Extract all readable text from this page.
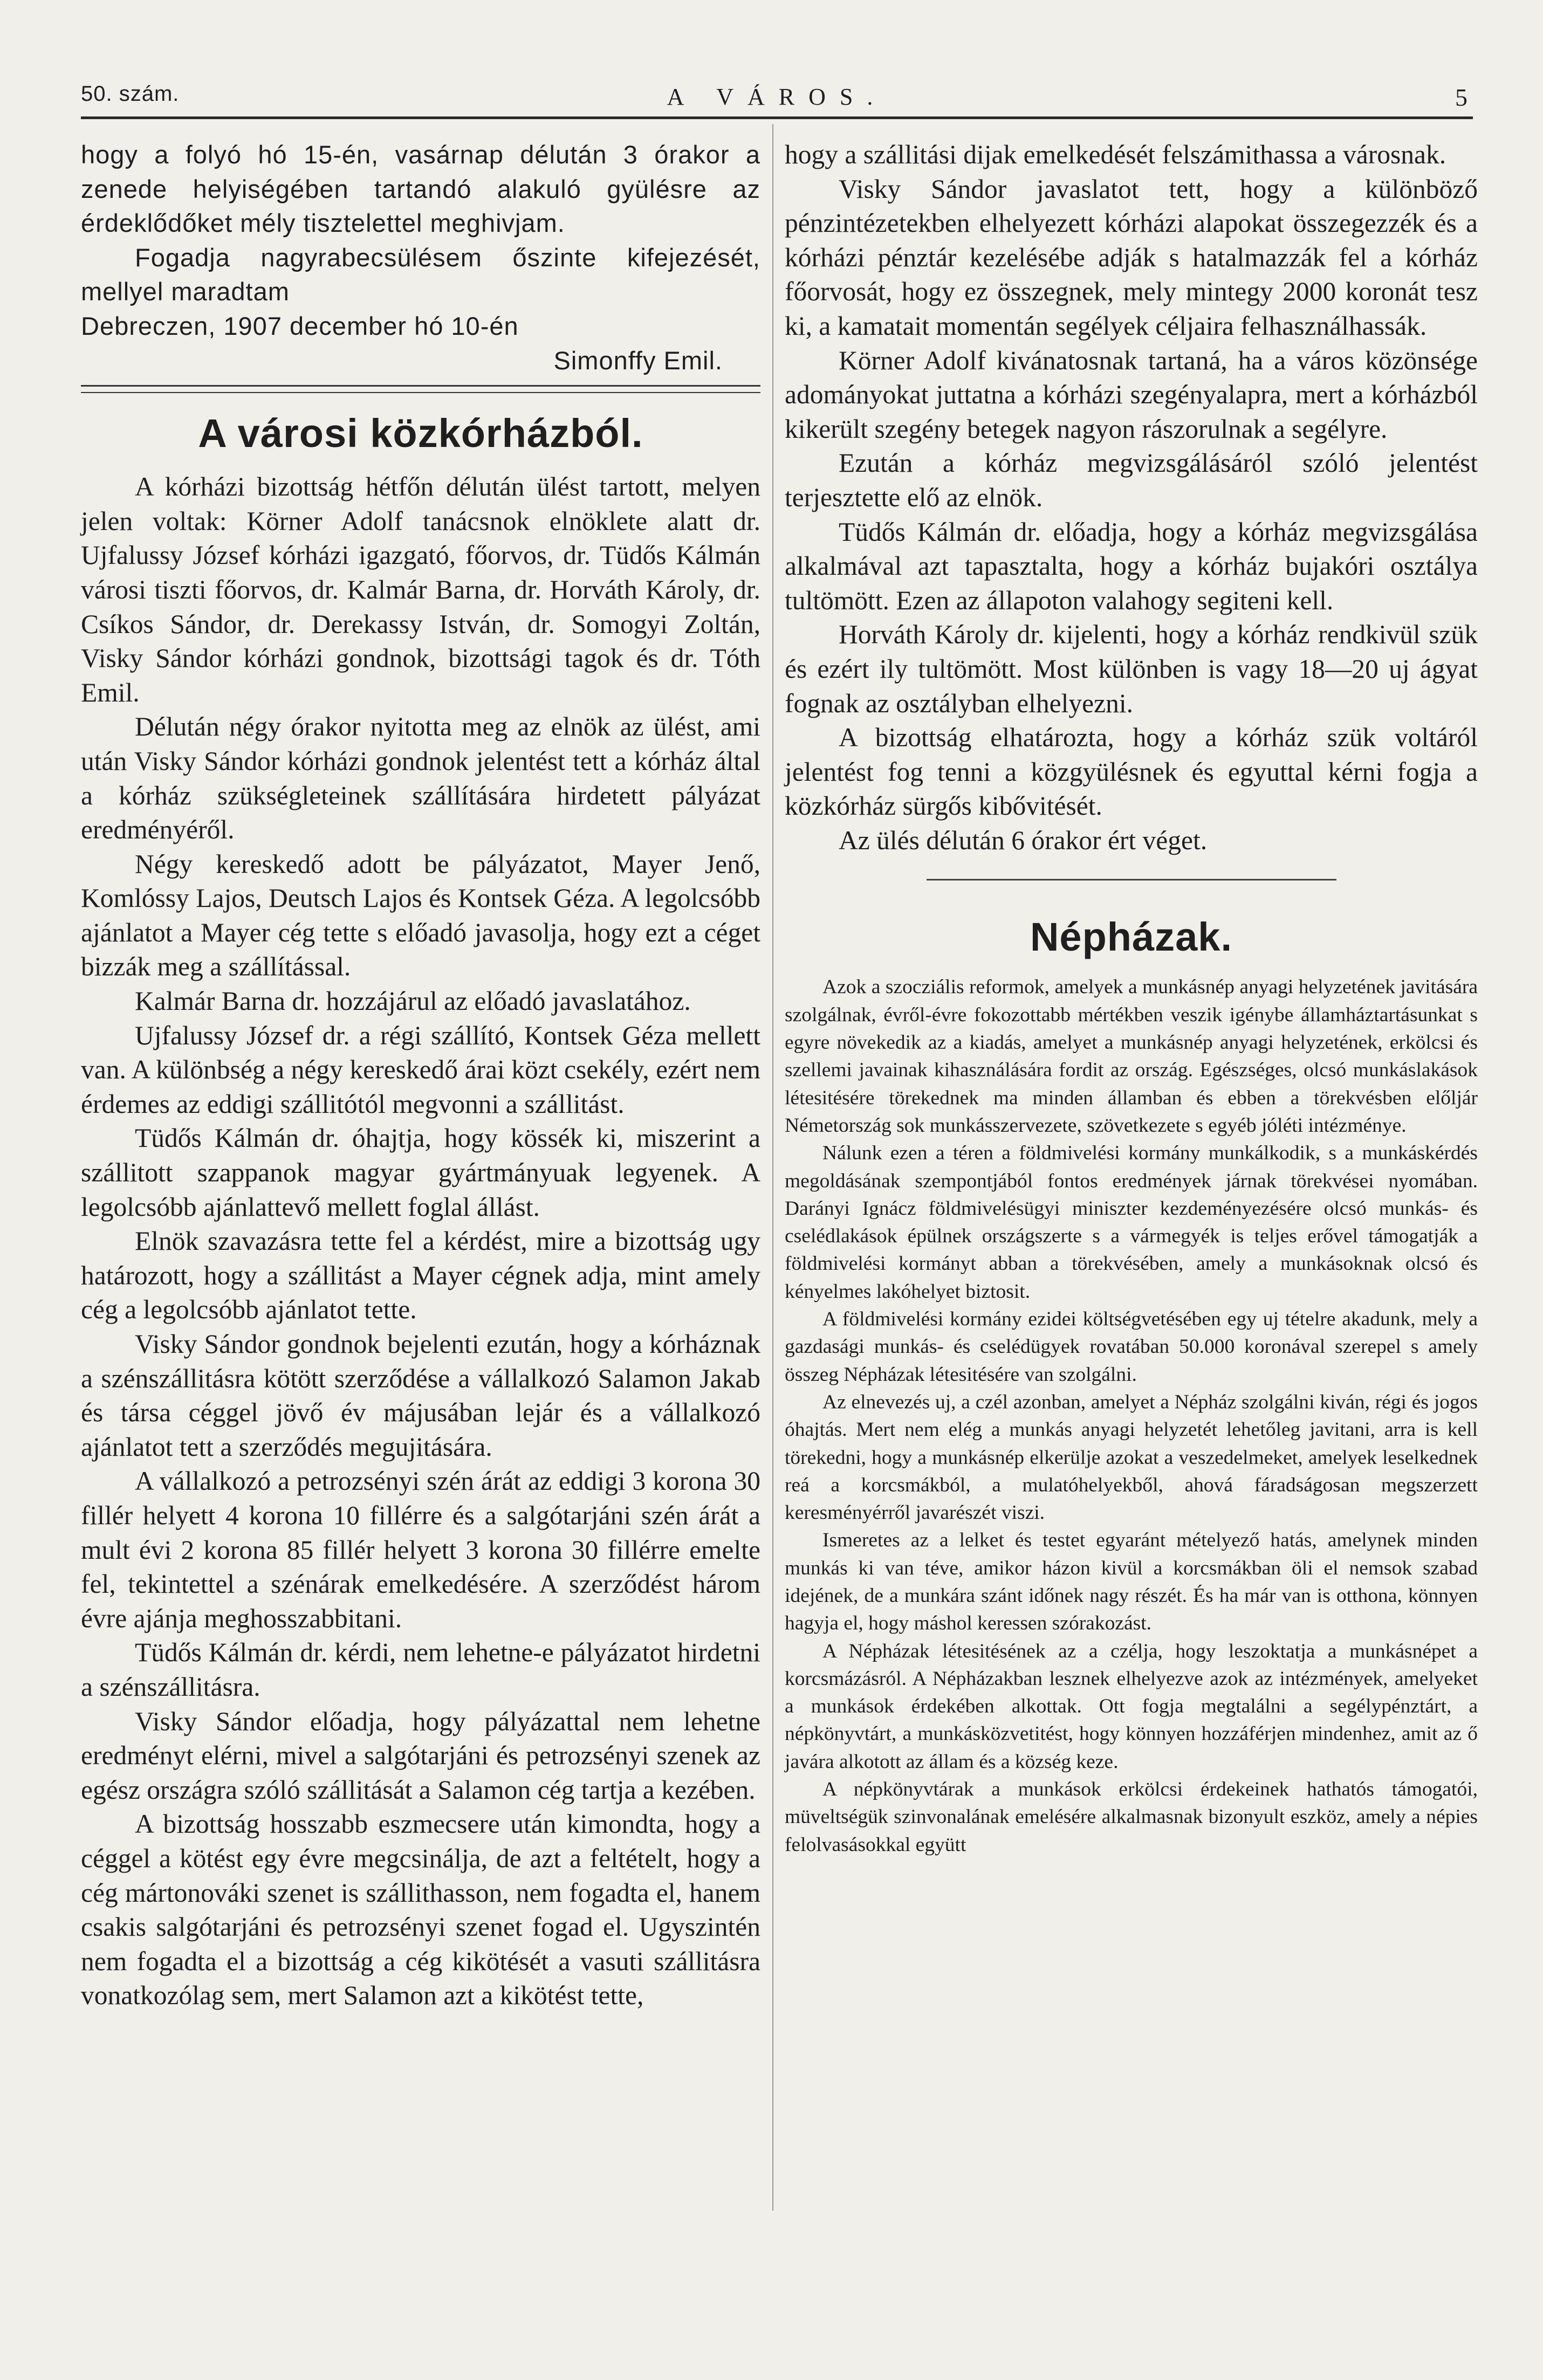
50. szám.	A VÁROS.	5

hogy a folyó hó 15-én, vasárnap délután 3 órakor a zenede helyiségében tartandó alakuló gyülésre az érdeklődőket mély tisztelettel meghivjam.

Fogadja nagyrabecsülésem őszinte kifejezését, mellyel maradtam

Debreczen, 1907 december hó 10-én

Simonffy Emil.

A városi közkórházból.

A kórházi bizottság hétfőn délután ülést tartott, melyen jelen voltak: Körner Adolf tanácsnok elnöklete alatt dr. Ujfalussy József kórházi igazgató, főorvos, dr. Tüdős Kálmán városi tiszti főorvos, dr. Kalmár Barna, dr. Horváth Károly, dr. Csíkos Sándor, dr. Derekassy István, dr. Somogyi Zoltán, Visky Sándor kórházi gondnok, bizottsági tagok és dr. Tóth Emil.

Délután négy órakor nyitotta meg az elnök az ülést, ami után Visky Sándor kórházi gondnok jelentést tett a kórház által a kórház szükségleteinek szállítására hirdetett pályázat eredményéről.

Négy kereskedő adott be pályázatot, Mayer Jenő, Komlóssy Lajos, Deutsch Lajos és Kontsek Géza. A legolcsóbb ajánlatot a Mayer cég tette s előadó javasolja, hogy ezt a céget bizzák meg a szállítással.

Kalmár Barna dr. hozzájárul az előadó javaslatához.

Ujfalussy József dr. a régi szállító, Kontsek Géza mellett van. A különbség a négy kereskedő árai közt csekély, ezért nem érdemes az eddigi szállitótól megvonni a szállitást.

Tüdős Kálmán dr. óhajtja, hogy kössék ki, miszerint a szállitott szappanok magyar gyártmányuak legyenek. A legolcsóbb ajánlattevő mellett foglal állást.

Elnök szavazásra tette fel a kérdést, mire a bizottság ugy határozott, hogy a szállitást a Mayer cégnek adja, mint amely cég a legolcsóbb ajánlatot tette.

Visky Sándor gondnok bejelenti ezután, hogy a kórháznak a szénszállitásra kötött szerződése a vállalkozó Salamon Jakab és társa céggel jövő év májusában lejár és a vállalkozó ajánlatot tett a szerződés megujitására.

A vállalkozó a petrozsényi szén árát az eddigi 3 korona 30 fillér helyett 4 korona 10 fillérre és a salgótarjáni szén árát a mult évi 2 korona 85 fillér helyett 3 korona 30 fillérre emelte fel, tekintettel a szénárak emelkedésére. A szerződést három évre ajánja meghosszabbitani.

Tüdős Kálmán dr. kérdi, nem lehetne-e pályázatot hirdetni a szénszállitásra.

Visky Sándor előadja, hogy pályázattal nem lehetne eredményt elérni, mivel a salgótarjáni és petrozsényi szenek az egész országra szóló szállitását a Salamon cég tartja a kezében.

A bizottság hosszabb eszmecsere után kimondta, hogy a céggel a kötést egy évre megcsinálja, de azt a feltételt, hogy a cég mártonováki szenet is szállithasson, nem fogadta el, hanem csakis salgótarjáni és petrozsényi szenet fogad el. Ugyszintén nem fogadta el a bizottság a cég kikötését a vasuti szállitásra vonatkozólag sem, mert Salamon azt a kikötést tette,

hogy a szállitási dijak emelkedését felszámithassa a városnak.

Visky Sándor javaslatot tett, hogy a különböző pénzintézetekben elhelyezett kórházi alapokat összegezzék és a kórházi pénztár kezelésébe adják s hatalmazzák fel a kórház főorvosát, hogy ez összegnek, mely mintegy 2000 koronát tesz ki, a kamatait momentán segélyek céljaira felhasználhassák.

Körner Adolf kivánatosnak tartaná, ha a város közönsége adományokat juttatna a kórházi szegényalapra, mert a kórházból kikerült szegény betegek nagyon rászorulnak a segélyre.

Ezután a kórház megvizsgálásáról szóló jelentést terjesztette elő az elnök.

Tüdős Kálmán dr. előadja, hogy a kórház megvizsgálása alkalmával azt tapasztalta, hogy a kórház bujakóri osztálya tultömött. Ezen az állapoton valahogy segiteni kell.

Horváth Károly dr. kijelenti, hogy a kórház rendkivül szük és ezért ily tultömött. Most különben is vagy 18—20 uj ágyat fognak az osztályban elhelyezni.

A bizottság elhatározta, hogy a kórház szük voltáról jelentést fog tenni a közgyülésnek és egyuttal kérni fogja a közkórház sürgős kibővitését.

Az ülés délután 6 órakor ért véget.

Népházak.

Azok a szocziális reformok, amelyek a munkásnép anyagi helyzetének javitására szolgálnak, évről-évre fokozottabb mértékben veszik igénybe államháztartásunkat s egyre növekedik az a kiadás, amelyet a munkásnép anyagi helyzetének, erkölcsi és szellemi javainak kihasználására fordit az ország. Egészséges, olcsó munkáslakások létesitésére törekednek ma minden államban és ebben a törekvésben előljár Németország sok munkásszervezete, szövetkezete s egyéb jóléti intézménye.

Nálunk ezen a téren a földmivelési kormány munkálkodik, s a munkáskérdés megoldásának szempontjából fontos eredmények járnak törekvései nyomában. Darányi Ignácz földmivelésügyi miniszter kezdeményezésére olcsó munkás- és cselédlakások épülnek országszerte s a vármegyék is teljes erővel támogatják a földmivelési kormányt abban a törekvésében, amely a munkásoknak olcsó és kényelmes lakóhelyet biztosit.

A földmivelési kormány ezidei költségvetésében egy uj tételre akadunk, mely a gazdasági munkás- és cselédügyek rovatában 50.000 koronával szerepel s amely összeg Népházak létesitésére van szolgálni.

Az elnevezés uj, a czél azonban, amelyet a Népház szolgálni kiván, régi és jogos óhajtás. Mert nem elég a munkás anyagi helyzetét lehetőleg javitani, arra is kell törekedni, hogy a munkásnép elkerülje azokat a veszedelmeket, amelyek leselkednek reá a korcsmákból, a mulatóhelyekből, ahová fáradságosan megszerzett keresményérről javarészét viszi.

Ismeretes az a lelket és testet egyaránt mételyező hatás, amelynek minden munkás ki van téve, amikor házon kivül a korcsmákban öli el nemsok szabad idejének, de a munkára szánt időnek nagy részét. És ha már van is otthona, könnyen hagyja el, hogy máshol keressen szórakozást.

A Népházak létesitésének az a czélja, hogy leszoktatja a munkásnépet a korcsmázásról. A Népházakban lesznek elhelyezve azok az intézmények, amelyeket a munkások érdekében alkottak. Ott fogja megtalálni a segélypénztárt, a népkönyvtárt, a munkásközvetitést, hogy könnyen hozzáférjen mindenhez, amit az ő javára alkotott az állam és a község keze.

A népkönyvtárak a munkások erkölcsi érdekeinek hathatós támogatói, müveltségük szinvonalának emelésére alkalmasnak bizonyult eszköz, amely a népies felolvasásokkal együtt
